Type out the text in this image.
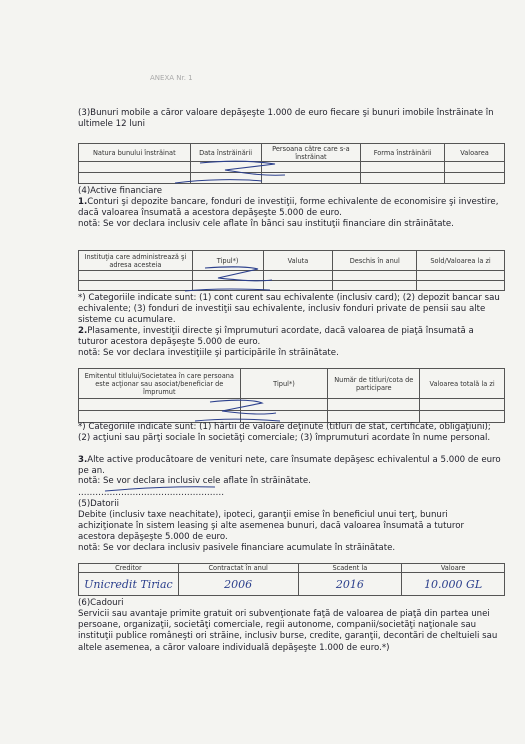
ANEXA Nr. 1

(3)Bunuri mobile a căror valoare depăşeşte 1.000 de euro fiecare şi bunuri imobile înstrăinate în ultimele 12 luni

Natura bunului înstrăinat	Data înstrăinării	Persoana către care s-a înstrăinat	Forma înstrăinării	Valoarea

(4)Active financiare

1.Conturi şi depozite bancare, fonduri de investiţii, forme echivalente de economisire şi investire, dacă valoarea însumată a acestora depăşeşte 5.000 de euro.

notă: Se vor declara inclusiv cele aflate în bănci sau instituţii financiare din străinătate.

Instituţia care administrează şi adresa acesteia	Tipul*)	Valuta	Deschis în anul	Sold/Valoarea la zi

*) Categoriile indicate sunt: (1) cont curent sau echivalente (inclusiv card); (2) depozit bancar sau echivalente; (3) fonduri de investiţii sau echivalente, inclusiv fonduri private de pensii sau alte sisteme cu acumulare.

2.Plasamente, investiţii directe şi împrumuturi acordate, dacă valoarea de piaţă însumată a tuturor acestora depăşeşte 5.000 de euro.

notă: Se vor declara investiţiile şi participările în străinătate.

Emitentul titlului/Societatea în care persoana este acţionar sau asociat/beneficiar de împrumut	Tipul*)	Număr de titluri/cota de participare	Valoarea totală la zi

*) Categoriile indicate sunt: (1) hârtii de valoare deţinute (titluri de stat, certificate, obligaţiuni); (2) acţiuni sau părţi sociale în societăţi comerciale; (3) împrumuturi acordate în nume personal.

3.Alte active producătoare de venituri nete, care însumate depăşesc echivalentul a 5.000 de euro pe an.

notă: Se vor declara inclusiv cele aflate în străinătate.

……………………………………………

(5)Datorii

Debite (inclusiv taxe neachitate), ipoteci, garanţii emise în beneficiul unui terţ, bunuri achiziţionate în sistem leasing şi alte asemenea bunuri, dacă valoarea însumată a tuturor acestora depăşeşte 5.000 de euro.

notă: Se vor declara inclusiv pasivele financiare acumulate în străinătate.

Creditor	Contractat în anul	Scadent la	Valoare
Unicredit Tiriac	2006	2016	10.000 GL

(6)Cadouri

Servicii sau avantaje primite gratuit ori subvenţionate faţă de valoarea de piaţă din partea unei persoane, organizaţii, societăţi comerciale, regii autonome, companii/societăţi naţionale sau instituţii publice româneşti ori străine, inclusiv burse, credite, garanţii, decontări de cheltuieli sau altele asemenea, a căror valoare individuală depăşeşte 1.000 de euro.*)
